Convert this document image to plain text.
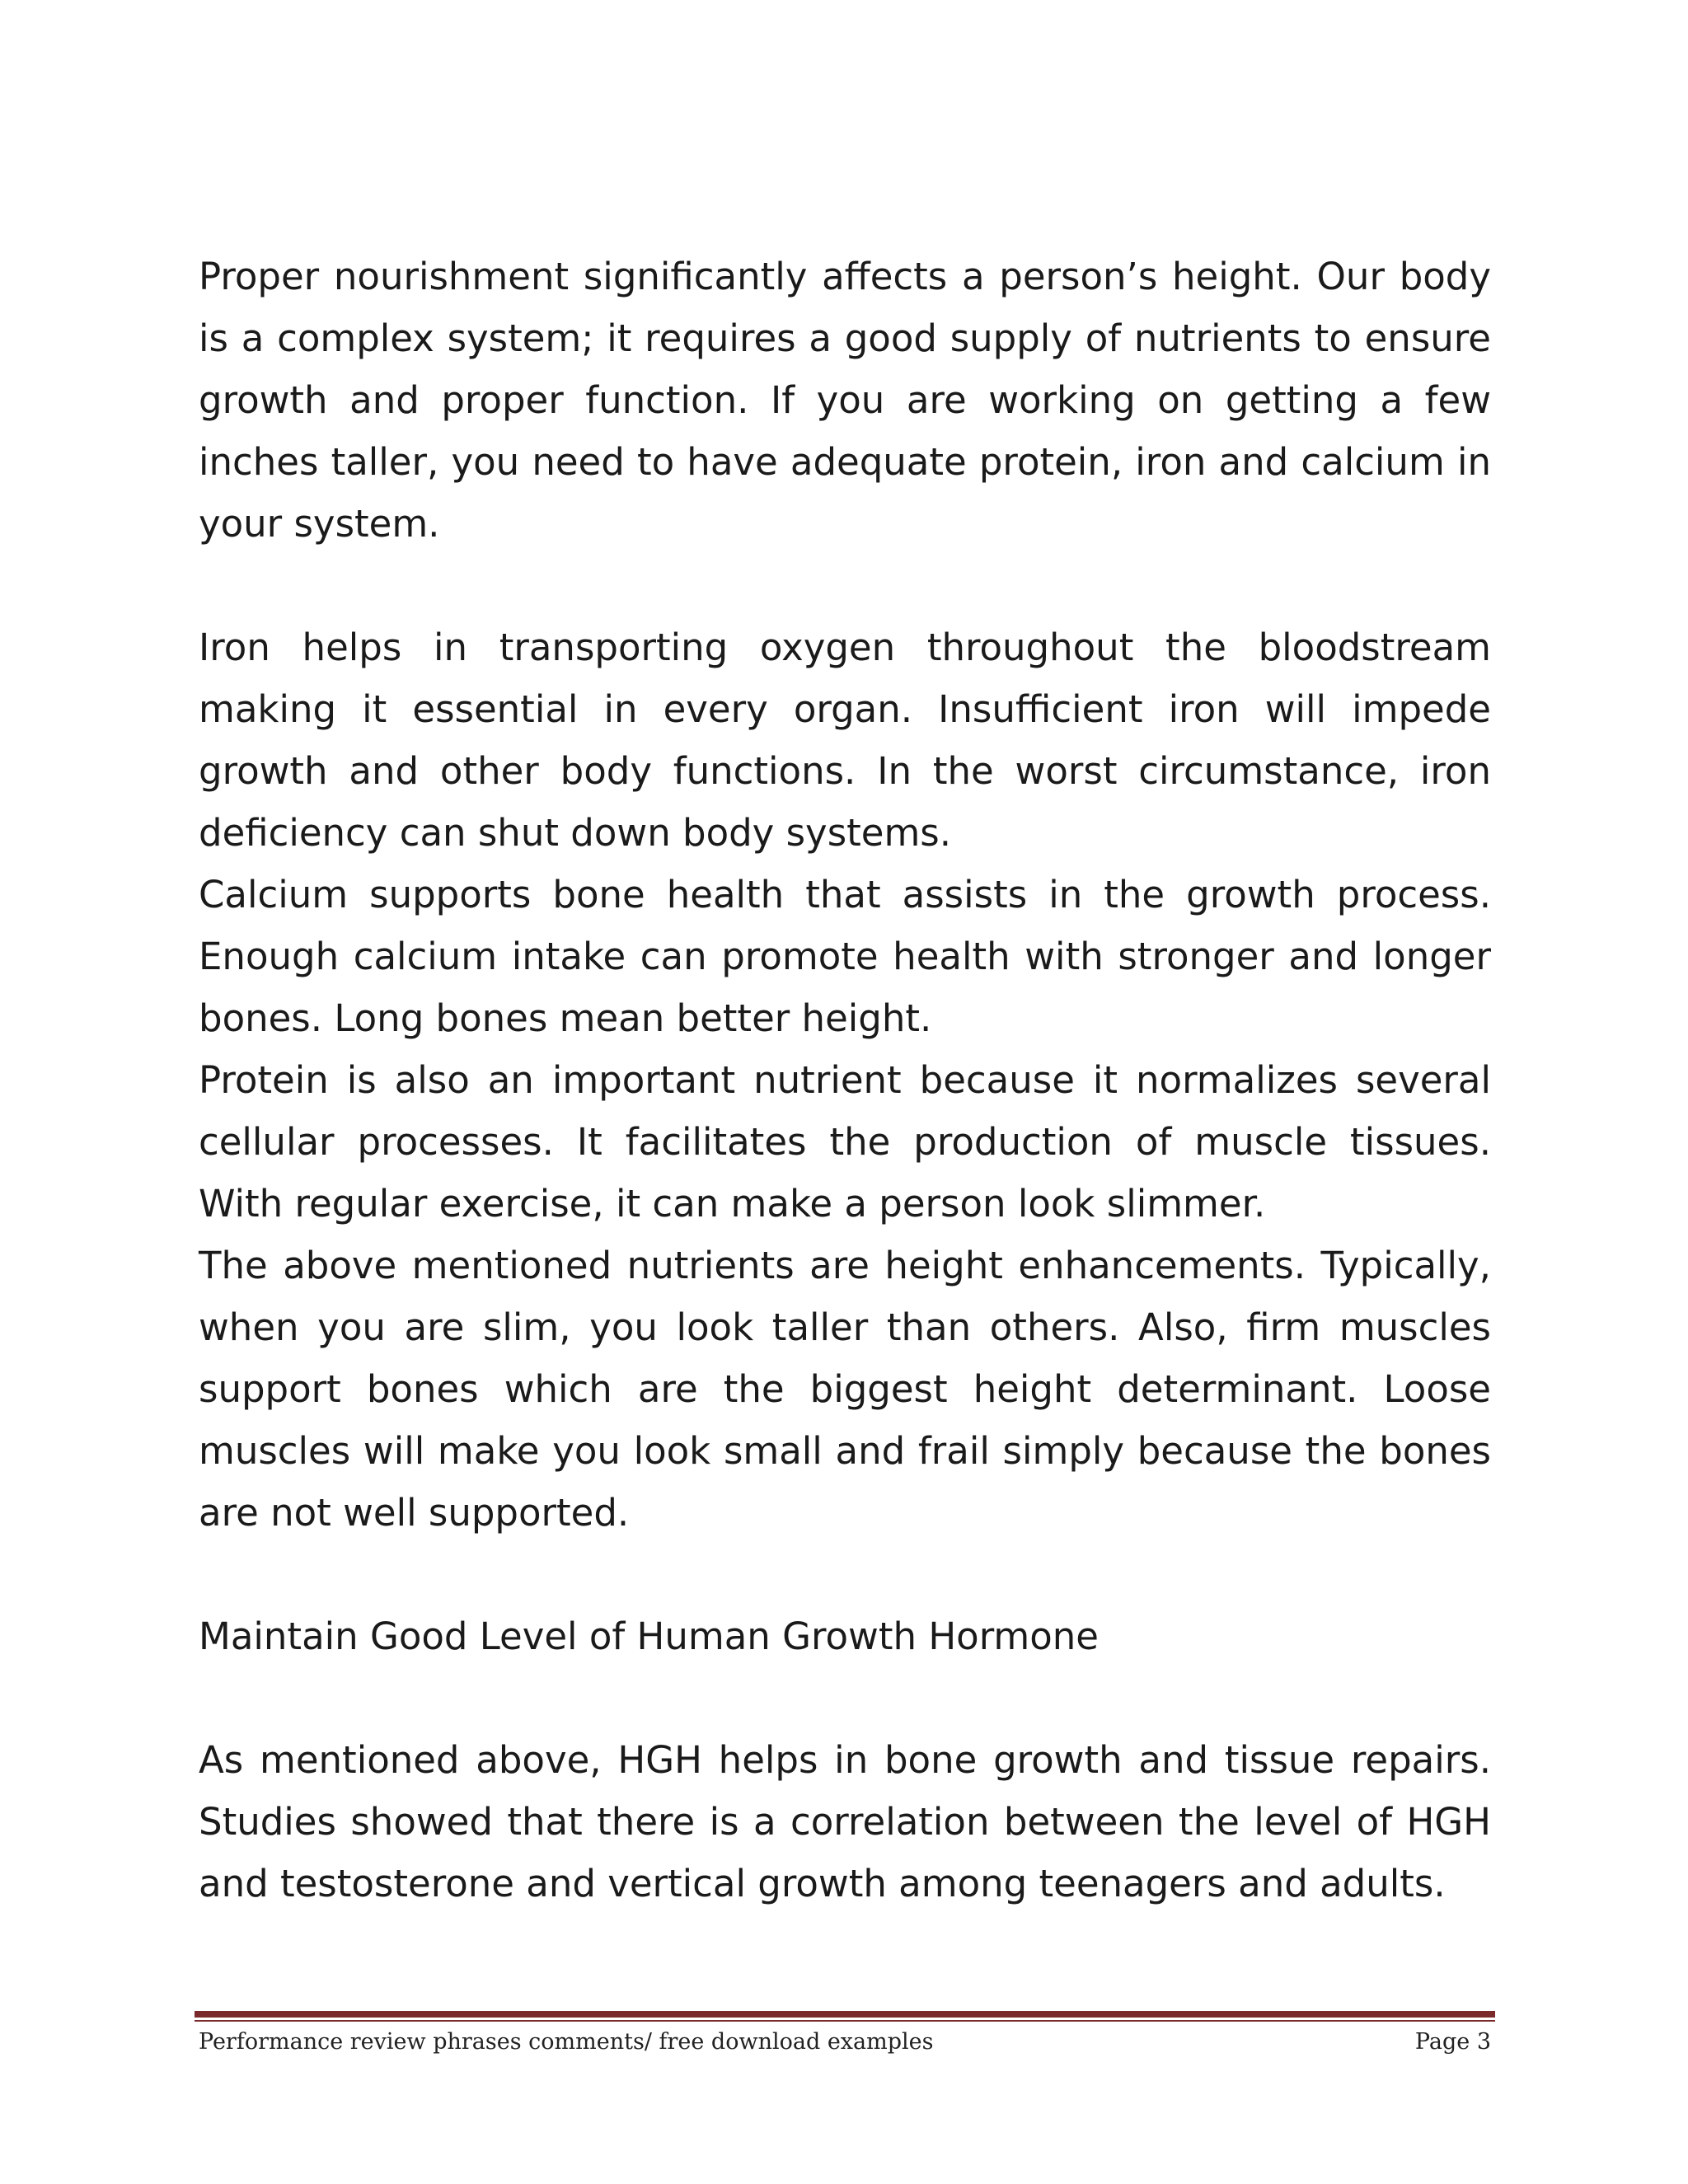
Proper nourishment significantly affects a person’s height. Our body is a complex system; it requires a good supply of nutrients to ensure growth and proper function. If you are working on getting a few inches taller, you need to have adequate protein, iron and calcium in your system.

Iron helps in transporting oxygen throughout the bloodstream making it essential in every organ. Insufficient iron will impede growth and other body functions. In the worst circumstance, iron deficiency can shut down body systems.

Calcium supports bone health that assists in the growth process. Enough calcium intake can promote health with stronger and longer bones. Long bones mean better height.

Protein is also an important nutrient because it normalizes several cellular processes. It facilitates the production of muscle tissues. With regular exercise, it can make a person look slimmer.

The above mentioned nutrients are height enhancements. Typically, when you are slim, you look taller than others. Also, firm muscles support bones which are the biggest height determinant. Loose muscles will make you look small and frail simply because the bones are not well supported.

Maintain Good Level of Human Growth Hormone

As mentioned above, HGH helps in bone growth and tissue repairs. Studies showed that there is a correlation between the level of HGH and testosterone and vertical growth among teenagers and adults.

Performance review phrases comments/ free download examples	Page 3
